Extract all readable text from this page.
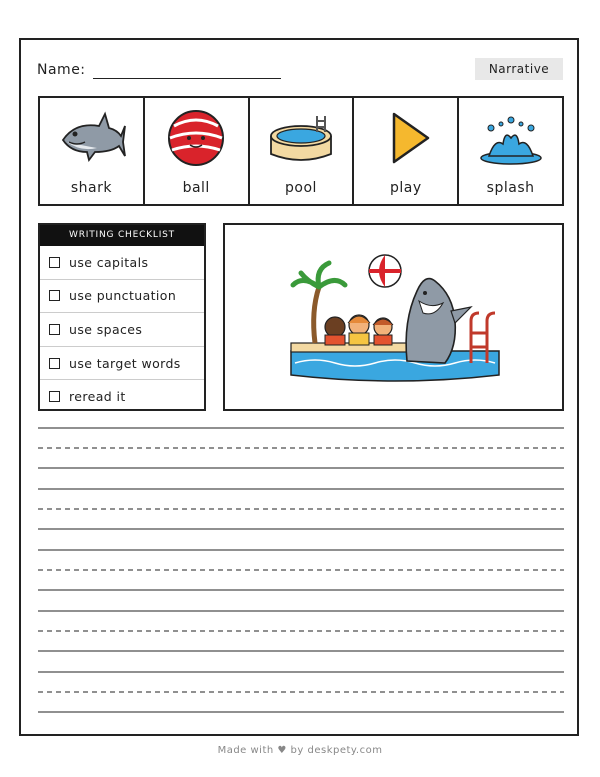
Name:	Narrative
shark	ball	pool	play	splash
WRITING CHECKLIST
use capitals
use punctuation
use spaces
use target words
reread it
Made with ♥ by deskpety.com
